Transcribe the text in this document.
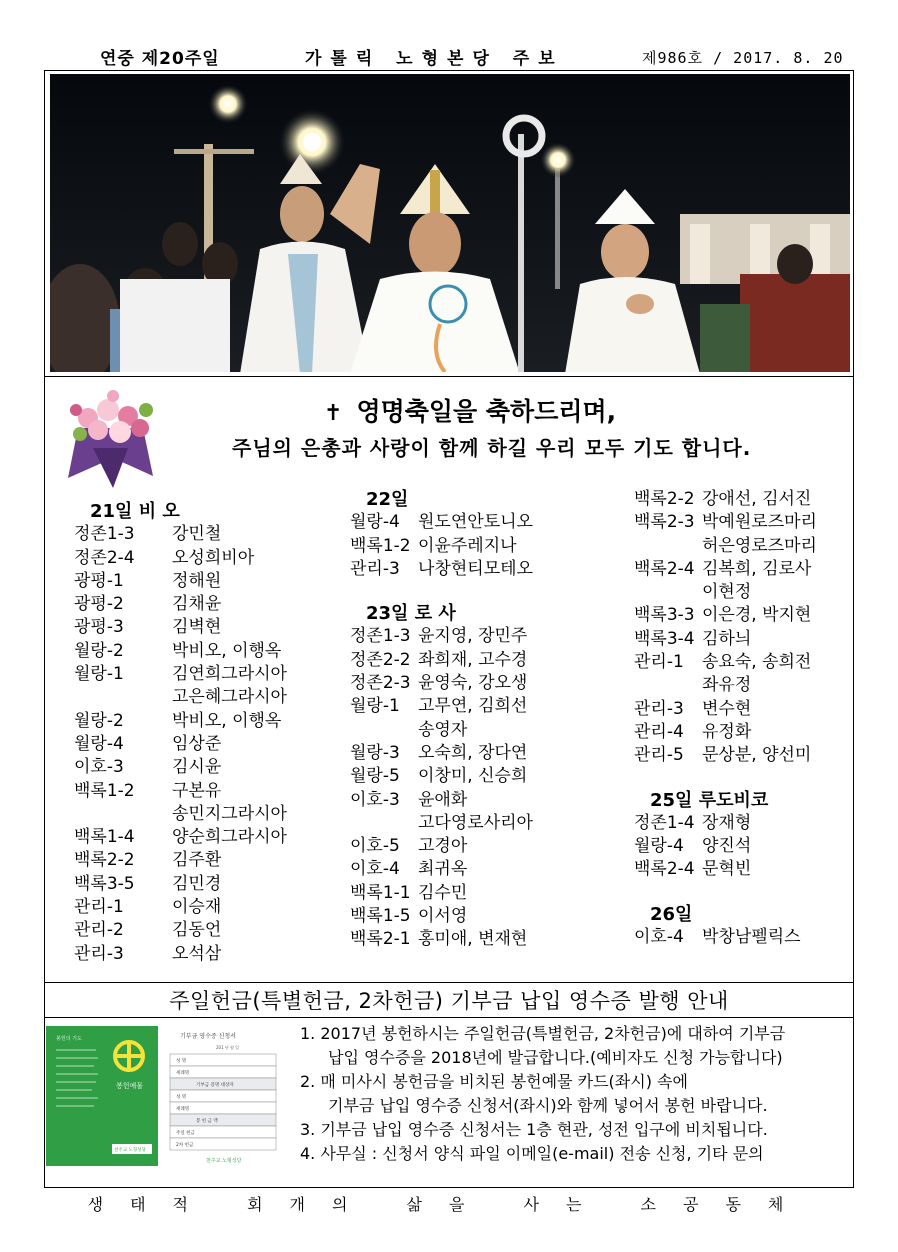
연중 제20주일	가톨릭 노형본당 주보	제986호 / 2017. 8. 20
✝ 영명축일을 축하드리며,
주님의 은총과 사랑이 함께 하길 우리 모두 기도 합니다.
21일 비 오
정존1-3	강민철
정존2-4	오성희비아
광평-1	정해원
광평-2	김채윤
광평-3	김벽현
월랑-2	박비오, 이행옥
월랑-1	김연희그라시아
고은혜그라시아
월랑-2	박비오, 이행옥
월랑-4	임상준
이호-3	김시윤
백록1-2	구본유
송민지그라시아
백록1-4	양순희그라시아
백록2-2	김주환
백록3-5	김민경
관리-1	이승재
관리-2	김동언
관리-3	오석삼
22일
월랑-4	원도연안토니오
백록1-2 이윤주레지나
관리-3	나창현티모테오
23일 로 사
정존1-3 윤지영, 장민주
정존2-2 좌희재, 고수경
정존2-3 윤영숙, 강오생
월랑-1	고무연, 김희선
송영자
월랑-3	오숙희, 장다연
월랑-5	이창미, 신승희
이호-3	윤애화
고다영로사리아
이호-5	고경아
이호-4	최귀옥
백록1-1 김수민
백록1-5 이서영
백록2-1 홍미애, 변재현
백록2-2 강애선, 김서진
백록2-3 박예원로즈마리
허은영로즈마리
백록2-4 김복희, 김로사
이현정
백록3-3 이은경, 박지현
백록3-4 김하늬
관리-1	송요숙, 송희전
좌유정
관리-3	변수현
관리-4	유정화
관리-5	문상분, 양선미
25일 루도비코
정존1-4 장재형
월랑-4	양진석
백록2-4 문혁빈
26일
이호-4	박창남펠릭스
주일헌금(특별헌금, 2차헌금) 기부금 납입 영수증 발행 안내
봉헌의 기도
봉헌예물
천주교 노형성당
기부금 영수증 신청서
201 년 월 일
성 명
세례명
기부금 증명 대상자
성 명
세례명
봉 헌 금 액
주일 헌금
2차 헌금
천주교 노형성당
1. 2017년 봉헌하시는 주일헌금(특별헌금, 2차헌금)에 대하여 기부금
납입 영수증을 2018년에 발급합니다.(예비자도 신청 가능합니다)
2. 매 미사시 봉헌금을 비치된 봉헌예물 카드(좌시) 속에
기부금 납입 영수증 신청서(좌시)와 함께 넣어서 봉헌 바랍니다.
3. 기부금 납입 영수증 신청서는 1층 현관, 성전 입구에 비치됩니다.
4. 사무실 : 신청서 양식 파일 이메일(e-mail) 전송 신청, 기타 문의
생태적 회개의 삶을 사는 소공동체
